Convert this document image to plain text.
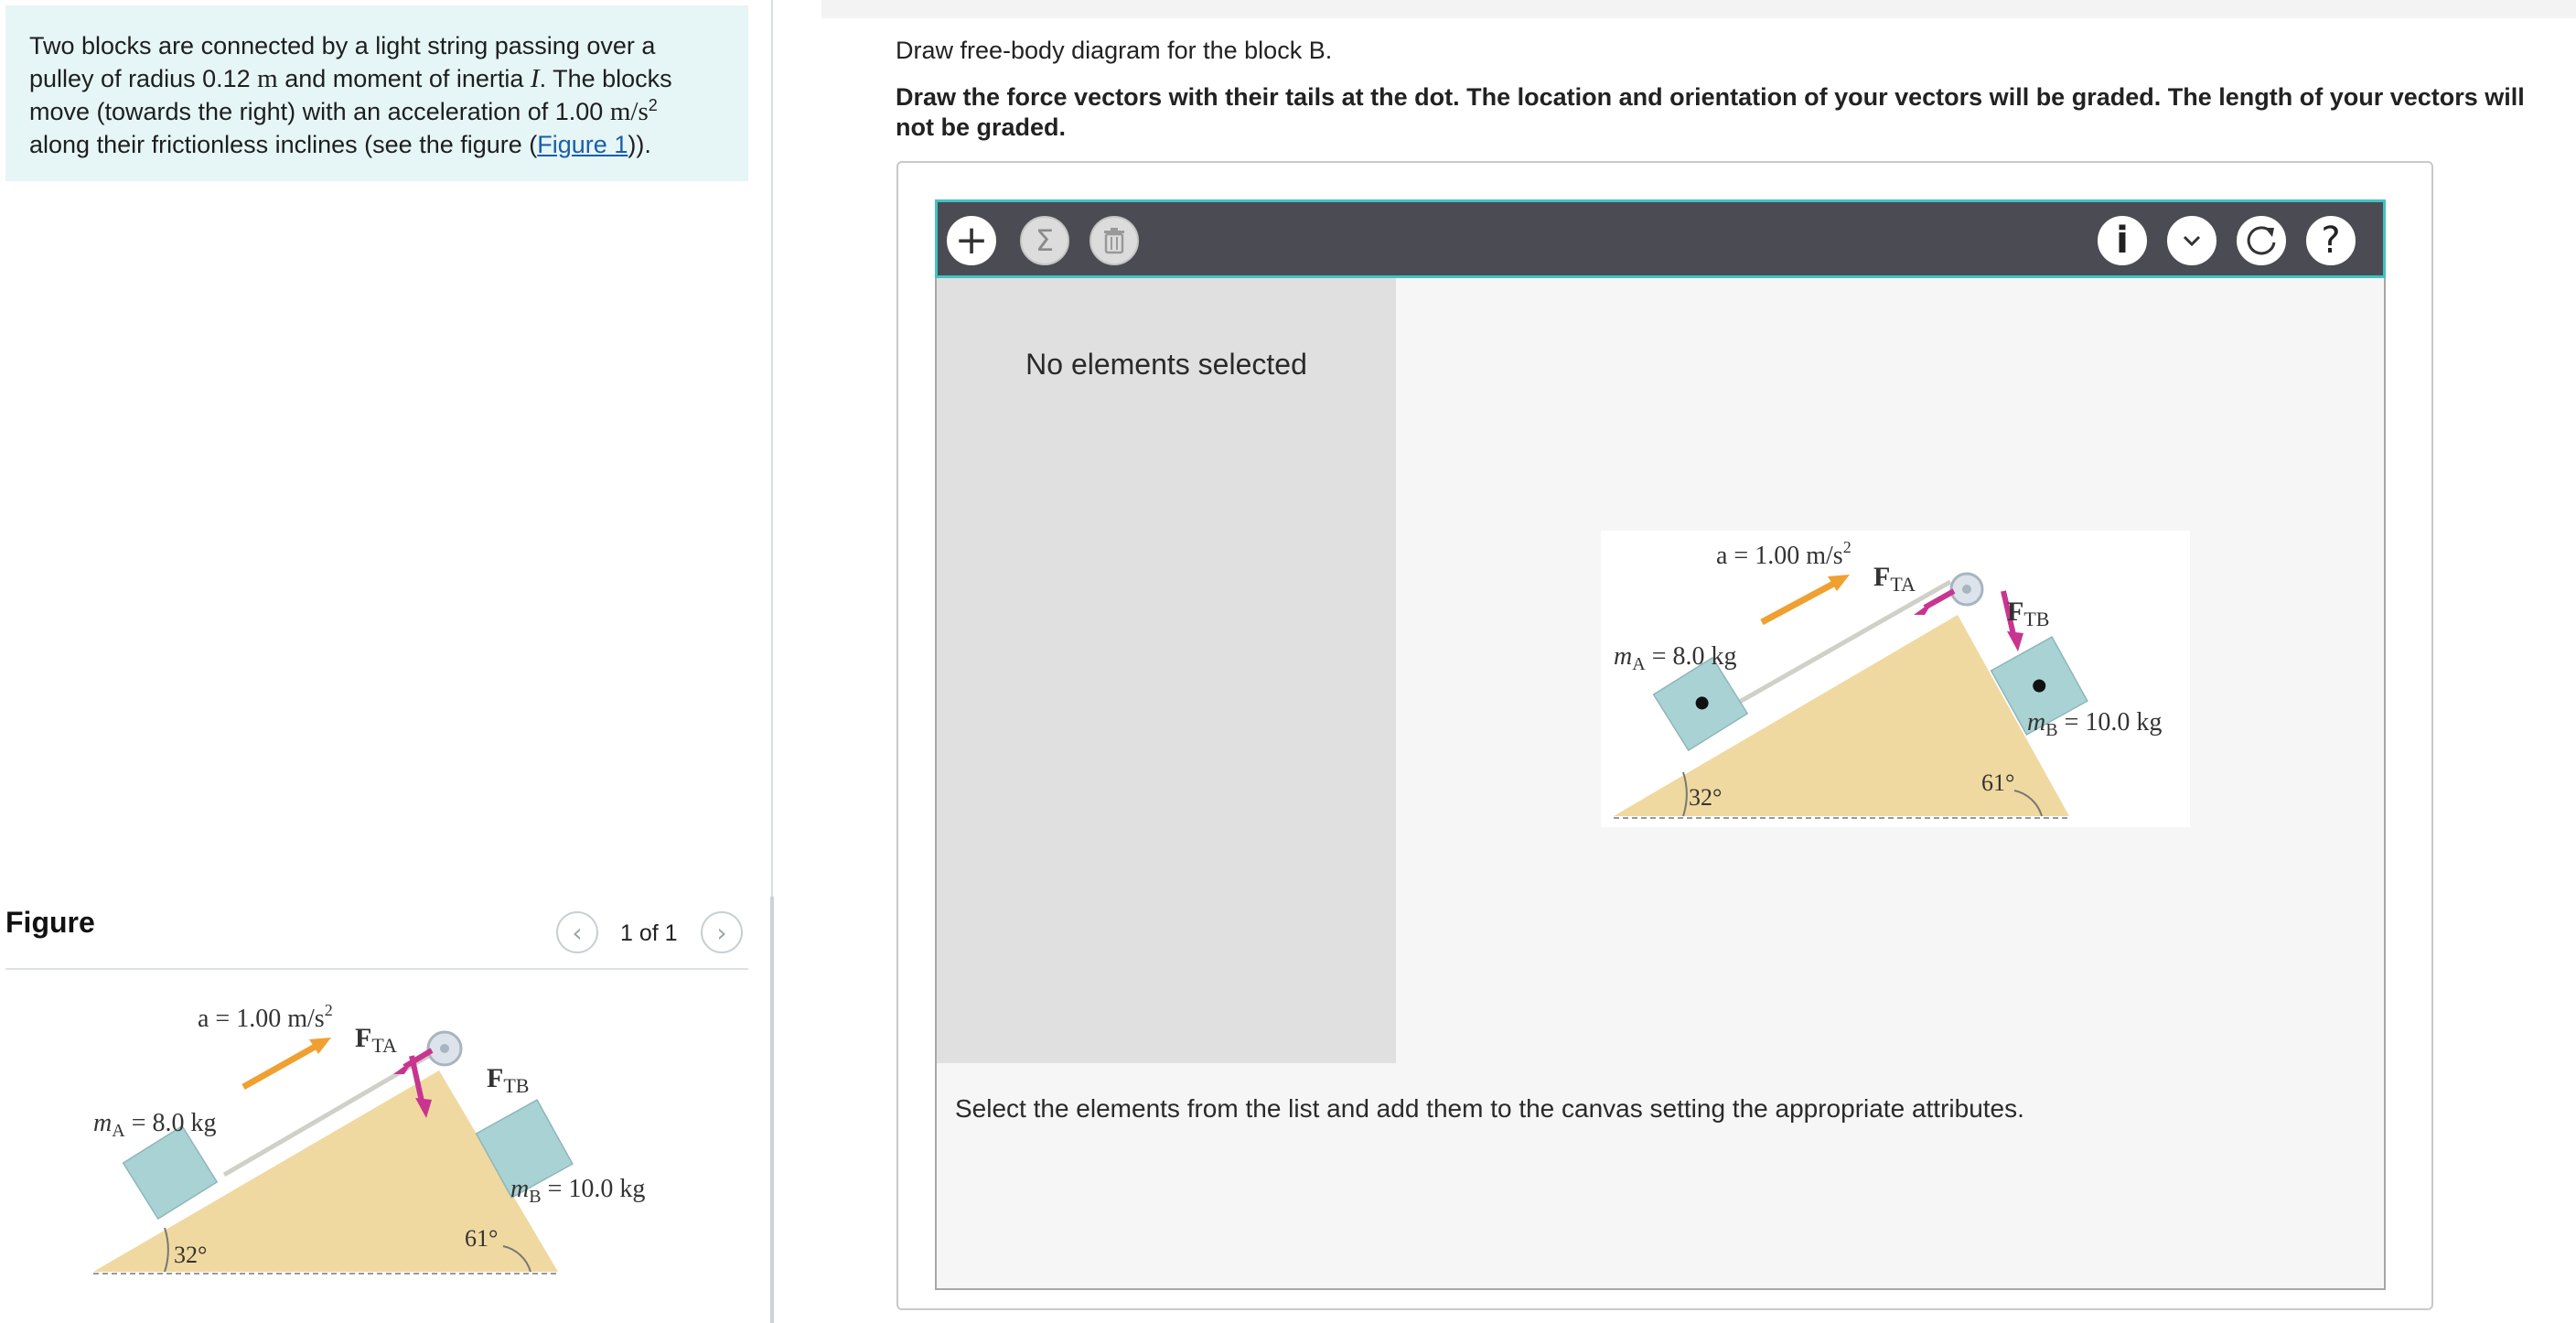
Two blocks are connected by a light string passing over a pulley of radius 0.12 m and moment of inertia I. The blocks move (towards the right) with an acceleration of 1.00 $m/s^2$ along their frictionless inclines (see the figure (Figure 1)).
Figure	‹ 1 of 1 ›
a = 1.00 $m/s^2$
$F_{TA}$
$F_{TB}$
$m_A = 8.0$ kg
$m_B = 10.0$ kg
32°
61°
Draw free-body diagram for the block B.
Draw the force vectors with their tails at the dot. The location and orientation of your vectors will be graded. The length of your vectors will not be graded.
+ Σ	i	?
No elements selected
a = 1.00 $m/s^2$
$F_{TA}$
$F_{TB}$
$m_A = 8.0$ kg
$m_B = 10.0$ kg
32°
61°
Select the elements from the list and add them to the canvas setting the appropriate attributes.
